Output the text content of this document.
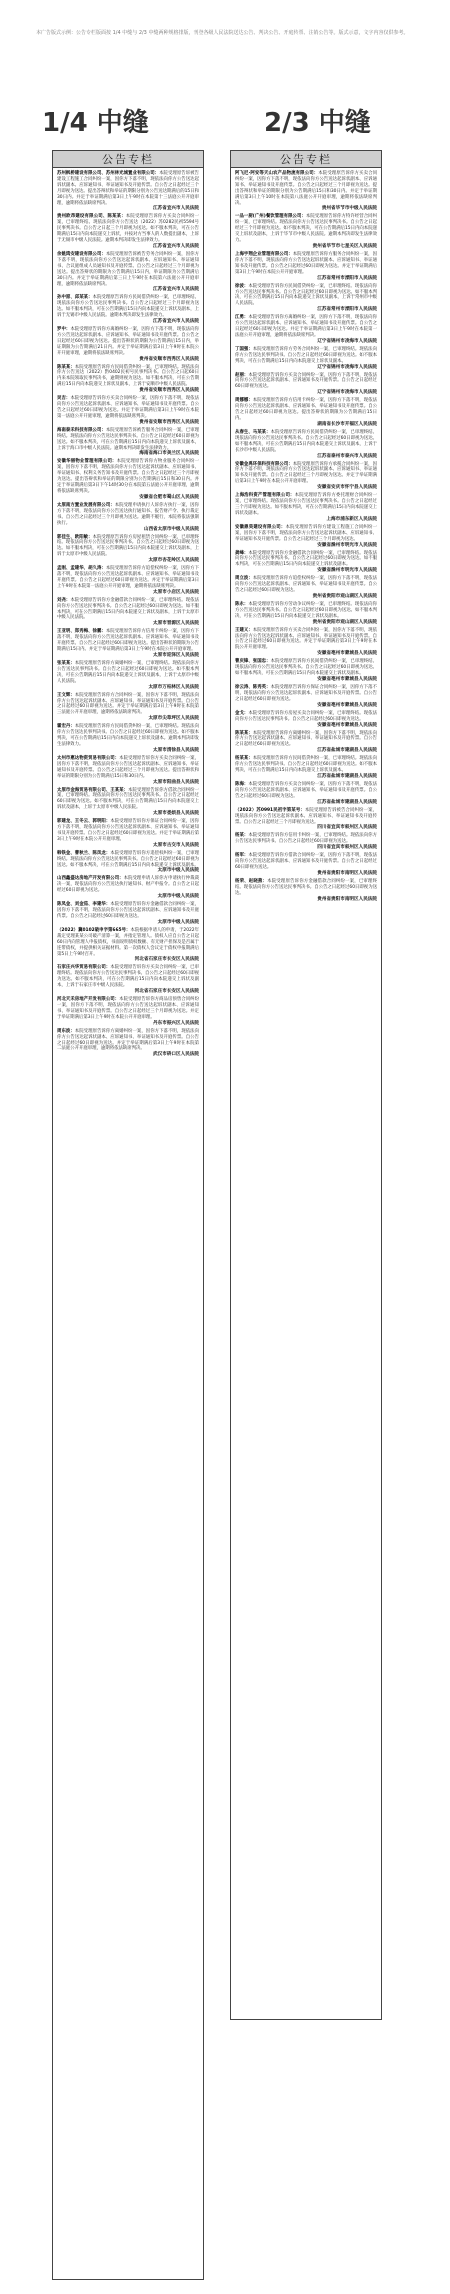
本广告版式示例：公告专栏版面按 1/4 中缝与 2/3 中缝两种规格排版，刊登各级人民法院送达公告、判决公告、开庭传票、注销公告等。版式示意，文字内容仅供参考。
1/4 中缝	2/3 中缝
公告专栏
苏州枫桥建设有限公司、苏州林光城置业有限公司：本院受理原告诉被告建设工程施工合同纠纷一案，因你方下落不明，现依法向你方公告送达起诉状副本、应诉通知书、举证通知书及开庭传票。自公告之日起经过三个月即视为送达。提出答辩状和举证的期限分别为公告送达期满后的15日和30日内。并定于举证期满后第3日上午9时在本院第十三法庭公开开庭审理，逾期将依法缺席判决。
江苏省宜兴市人民法院
贵州欧昂建设有限公司、陈某某：本院受理原告诉你方买卖合同纠纷一案，已审理终结。现依法向你方公告送达（2022）苏0282民初5594号民事判决书。自公告之日起三个月即视为送达。如不服本判决，可在公告期满后15日内向本院递交上诉状，并按对方当事人的人数提出副本，上诉于无锡市中级人民法院。逾期本判决即发生法律效力。
江苏省宜兴市人民法院
余姚鸿安建设有限公司：本院受理原告诉被告劳务合同纠纷一案，因你方下落不明，现依法向你方公告送达起诉状副本、应诉通知书、举证通知书、合议庭组成人员通知书及开庭传票。自公告之日起经过三个月即视为送达。提出答辩状的期限为公告期满后15日内，举证期限为公告期满后30日内。并定于举证期满后第三日上午9时在本院第六法庭公开开庭审理，逾期将依法缺席判决。
江苏省宜兴市人民法院
孙中原、邱某某：本院受理原告诉你方民间借贷纠纷一案，已审理终结。现依法向你方公告送达民事判决书。自公告之日起经过三个月即视为送达。如不服本判决，可在公告期满后15日内向本院递交上诉状及副本，上诉于无锡市中级人民法院。逾期本判决即发生法律效力。
江苏省宜兴市人民法院
罗中：本院受理原告诉你方离婚纠纷一案，因你方下落不明，现依法向你方公告送达起诉状副本、应诉通知书、举证通知书及开庭传票。自公告之日起经过60日即视为送达。提出答辩状的期限为公告期满后15日内，举证期限为公告期满后21日内。并定于举证期满后第3日上午9时在本院公开开庭审理，逾期将依法缺席判决。
贵州省安顺市西秀区人民法院
陈某某：本院受理原告诉你方民间借贷纠纷一案，已审理终结。现依法向你方公告送达（2022）黔0402民初号民事判决书。自公告之日起60日内来本院领取民事判决书，逾期则视为送达。如不服本判决，可在公告期满后15日内向本院递交上诉状及副本，上诉于安顺市中级人民法院。
贵州省安顺市西秀区人民法院
吴吉：本院受理原告诉你方买卖合同纠纷一案，因你方下落不明，现依法向你方公告送达起诉状副本、应诉通知书、举证通知书及开庭传票。自公告之日起经过60日即视为送达。并定于举证期满后第3日上午9时在本院第一法庭公开开庭审理，逾期将依法缺席判决。
贵州省安顺市西秀区人民法院
海南泰禾科技有限公司：本院受理原告诉被告服务合同纠纷一案，已审理终结。现依法向你方公告送达民事判决书。自公告之日起经过60日即视为送达。如不服本判决，可在公告期满后15日内向本院递交上诉状及副本，上诉于海口市中级人民法院。逾期本判决即发生法律效力。
海南省海口市美兰区人民法院
安徽华丽物业管理有限公司：本院受理原告诉你方物业服务合同纠纷一案，因你方下落不明，现依法向你方公告送达起诉状副本、应诉通知书、举证通知书、权利义务告知书及开庭传票。自公告之日起经过三个月即视为送达。提出答辩状和举证的期限分别为公告期满后15日和30日内。并定于举证期满后第3日下午14时30分在本院第五法庭公开开庭审理，逾期将依法缺席判决。
安徽省合肥市蜀山区人民法院
太原南方置业发展有限公司：本院受理申请执行人诉你方执行一案，因你方下落不明，现依法向你方公告送达执行通知书、报告财产令、执行裁定书。自公告之日起经过三个月即视为送达。逾期不履行，本院将依法强制执行。
山西省太原市中级人民法院
郭佳生、欧阳敏：本院受理原告诉你方房屋租赁合同纠纷一案，已审理终结。现依法向你方公告送达民事判决书。自公告之日起经过60日即视为送达。如不服本判决，可在公告期满后15日内向本院递交上诉状及副本，上诉于太原市中级人民法院。
太原市杏花岭区人民法院
孟刚、孟建华、胡久涛：本院受理原告诉你方追偿权纠纷一案，因你方下落不明，现依法向你方公告送达起诉状副本、应诉通知书、举证通知书及开庭传票。自公告之日起经过60日即视为送达。并定于举证期满后第3日上午9时在本院第一法庭公开开庭审理，逾期将依法缺席判决。
太原市小店区人民法院
刘尧：本院受理原告诉你方金融借款合同纠纷一案，已审理终结。现依法向你方公告送达民事判决书。自公告之日起经过60日即视为送达。如不服本判决，可在公告期满后15日内向本院递交上诉状及副本，上诉于太原市中级人民法院。
太原市晋源区人民法院
王亚明、郑秀梅、徐鹏：本院受理原告诉你方信用卡纠纷一案，因你方下落不明，现依法向你方公告送达起诉状副本、应诉通知书、举证通知书及开庭传票。自公告之日起经过60日即视为送达。提出答辩状的期限为公告期满后15日内。并定于举证期满后第3日上午9时在本院公开开庭审理。
太原市迎泽区人民法院
张某某：本院受理原告诉你方离婚纠纷一案，已审理终结。现依法向你方公告送达民事判决书。自公告之日起经过60日即视为送达。如不服本判决，可在公告期满后15日内向本院递交上诉状及副本，上诉于太原市中级人民法院。
太原市万柏林区人民法院
王文辉：本院受理原告诉你方合同纠纷一案，因你方下落不明，现依法向你方公告送达起诉状副本、应诉通知书、举证通知书及开庭传票。自公告之日起经过60日即视为送达。并定于举证期满后第3日上午9时在本院第三法庭公开开庭审理，逾期将依法缺席判决。
太原市尖草坪区人民法院
霍宏丹：本院受理原告诉你方民间借贷纠纷一案，已审理终结。现依法向你方公告送达民事判决书。自公告之日起经过60日即视为送达。如不服本判决，可在公告期满后15日内向本院递交上诉状及副本。逾期本判决即发生法律效力。
太原市清徐县人民法院
太州市惠达物资贸易有限公司：本院受理原告诉你方买卖合同纠纷一案，因你方下落不明，现依法向你方公告送达起诉状副本、应诉通知书、举证通知书及开庭传票。自公告之日起经过三个月即视为送达。提出答辩状和举证的期限分别为公告期满后15日和30日内。
太原市阳曲县人民法院
太原市金海贸易有限公司、王某某：本院受理原告诉你方借款合同纠纷一案，已审理终结。现依法向你方公告送达民事判决书。自公告之日起经过60日即视为送达。如不服本判决，可在公告期满后15日内向本院递交上诉状及副本，上诉于太原市中级人民法院。
太原市娄烦县人民法院
郭建龙、王冬云、郭明阳：本院受理原告诉你方保证合同纠纷一案，因你方下落不明，现依法向你方公告送达起诉状副本、应诉通知书、举证通知书及开庭传票。自公告之日起经过60日即视为送达。并定于举证期满后第3日上午9时在本院公开开庭审理。
太原市古交市人民法院
韩铁金、曹秋兰、陈凤龙：本院受理原告诉你方追偿权纠纷一案，已审理终结。现依法向你方公告送达民事判决书。自公告之日起经过60日即视为送达。如不服本判决，可在公告期满后15日内向本院递交上诉状及副本。
太原市中级人民法院
山西鑫盛达房地产开发有限公司：本院受理申请人诉你方申请执行仲裁裁决一案，现依法向你方公告送达执行通知书、财产申报令。自公告之日起经过60日即视为送达。
太原市中级人民法院
陈凤金、刘金茹、李建华：本院受理原告诉你方金融借款合同纠纷一案，因你方下落不明，现依法向你方公告送达起诉状副本、应诉通知书及开庭传票。自公告之日起经过60日即视为送达。
太原市中级人民法院
（2022）冀0102破申字第665号：本院根据申请人的申请，于2022年裁定受理某某公司破产清算一案，并指定管理人。债权人应自公告之日起60日内向管理人申报债权，书面说明债权数额、有无财产担保及是否属于连带债权，并提供相关证据材料。第一次债权人会议定于债权申报期满后第5日上午9时召开。
河北省石家庄市长安区人民法院
石家庄兴华贸易有限公司：本院受理原告诉你方买卖合同纠纷一案，已审理终结。现依法向你方公告送达民事判决书。自公告之日起经过60日即视为送达。如不服本判决，可在公告期满后15日内向本院递交上诉状及副本，上诉于石家庄市中级人民法院。
河北省石家庄市长安区人民法院
河北天禾房地产开发有限公司：本院受理原告诉你方商品房预售合同纠纷一案，因你方下落不明，现依法向你方公告送达起诉状副本、应诉通知书、举证通知书及开庭传票。自公告之日起经过三个月即视为送达。并定于举证期满后第3日上午9时在本院公开开庭审理。
丹东市振兴区人民法院
周东波：本院受理原告诉你方离婚纠纷一案，因你方下落不明，现依法向你方公告送达起诉状副本、应诉通知书、举证通知书及开庭传票。自公告之日起经过60日即视为送达。并定于举证期满后第3日上午9时在本院第二法庭公开开庭审理，逾期将依法缺席判决。
武汉市硚口区人民法院
公告专栏
阿飞尼·阿安等天山农产品物流有限公司：本院受理原告诉你方买卖合同纠纷一案，因你方下落不明，现依法向你方公告送达起诉状副本、应诉通知书、举证通知书及开庭传票。自公告之日起经过三个月即视为送达。提出答辩状和举证的期限分别为公告期满后15日和30日内。并定于举证期满后第3日上午10时在本院第八法庭公开开庭审理，逾期将依法缺席判决。
贵州省毕节市中级人民法院
一品一厨(广州)餐饮管理有限公司：本院受理原告诉你方特许经营合同纠纷一案，已审理终结。现依法向你方公告送达民事判决书。自公告之日起经过三个月即视为送达。如不服本判决，可在公告期满后15日内向本院递交上诉状及副本，上诉于毕节市中级人民法院。逾期本判决即发生法律效力。
贵州省毕节市七星关区人民法院
上海宇翔企业管理有限公司：本院受理原告诉你方服务合同纠纷一案，因你方下落不明，现依法向你方公告送达起诉状副本、应诉通知书、举证通知书及开庭传票。自公告之日起经过60日即视为送达。并定于举证期满后第3日上午9时在本院公开开庭审理。
江苏省常州市溧阳市人民法院
徐波：本院受理原告诉你方民间借贷纠纷一案，已审理终结。现依法向你方公告送达民事判决书。自公告之日起经过60日即视为送达。如不服本判决，可在公告期满后15日内向本院递交上诉状及副本，上诉于常州市中级人民法院。
江苏省常州市溧阳市人民法院
江勇：本院受理原告诉你方离婚纠纷一案，因你方下落不明，现依法向你方公告送达起诉状副本、应诉通知书、举证通知书及开庭传票。自公告之日起经过60日即视为送达。并定于举证期满后第3日上午9时在本院第一法庭公开开庭审理，逾期将依法缺席判决。
辽宁省锦州市凌海市人民法院
丁国强：本院受理原告诉你方劳务合同纠纷一案，已审理终结。现依法向你方公告送达民事判决书。自公告之日起经过60日即视为送达。如不服本判决，可在公告期满后15日内向本院递交上诉状及副本。
辽宁省锦州市凌海市人民法院
赵丽：本院受理原告诉你方买卖合同纠纷一案，因你方下落不明，现依法向你方公告送达起诉状副本、应诉通知书及开庭传票。自公告之日起经过60日即视为送达。
辽宁省锦州市凌海市人民法院
周娜娜：本院受理原告诉你方信用卡纠纷一案，因你方下落不明，现依法向你方公告送达起诉状副本、应诉通知书、举证通知书及开庭传票。自公告之日起经过60日即视为送达。提出答辩状的期限为公告期满后15日内。
湖南省长沙市开福区人民法院
从春生、马某某：本院受理原告诉你方民间借贷纠纷一案，已审理终结。现依法向你方公告送达民事判决书。自公告之日起经过60日即视为送达。如不服本判决，可在公告期满后15日内向本院递交上诉状及副本，上诉于长沙市中级人民法院。
江苏省泰州市泰兴市人民法院
安徽金禹环保科技有限公司：本院受理原告诉你方承揽合同纠纷一案，因你方下落不明，现依法向你方公告送达起诉状副本、应诉通知书、举证通知书及开庭传票。自公告之日起经过三个月即视为送达。并定于举证期满后第3日上午9时在本院公开开庭审理。
安徽省安庆市怀宁县人民法院
上海浩科资产管理有限公司：本院受理原告诉你方委托理财合同纠纷一案，已审理终结。现依法向你方公告送达民事判决书。自公告之日起经过三个月即视为送达。如不服本判决，可在公告期满后15日内向本院递交上诉状及副本。
上海市浦东新区人民法院
安徽鼎昊建设有限公司：本院受理原告诉你方建设工程施工合同纠纷一案，因你方下落不明，现依法向你方公告送达起诉状副本、应诉通知书、举证通知书及开庭传票。自公告之日起经过三个月即视为送达。
安徽省滁州市明光市人民法院
龚峰：本院受理原告诉你方金融借款合同纠纷一案，已审理终结。现依法向你方公告送达民事判决书。自公告之日起经过60日即视为送达。如不服本判决，可在公告期满后15日内向本院递交上诉状及副本。
安徽省滁州市明光市人民法院
周立波：本院受理原告诉你方追偿权纠纷一案，因你方下落不明，现依法向你方公告送达起诉状副本、应诉通知书、举证通知书及开庭传票。自公告之日起经过60日即视为送达。
贵州省贵阳市观山湖区人民法院
陈永：本院受理原告诉你方劳动争议纠纷一案，已审理终结。现依法向你方公告送达民事判决书。自公告之日起经过60日即视为送达。如不服本判决，可在公告期满后15日内向本院递交上诉状及副本。
贵州省贵阳市观山湖区人民法院
王建义：本院受理原告诉你方买卖合同纠纷一案，因你方下落不明，现依法向你方公告送达起诉状副本、应诉通知书、举证通知书及开庭传票。自公告之日起经过60日即视为送达。并定于举证期满后第3日上午9时在本院公开开庭审理。
安徽省亳州市蒙城县人民法院
曹庆锋、张国忠：本院受理原告诉你方民间借贷纠纷一案，已审理终结。现依法向你方公告送达民事判决书。自公告之日起经过60日即视为送达。如不服本判决，可在公告期满后15日内向本院递交上诉状及副本。
安徽省亳州市蒙城县人民法院
徐云涛、陈秀英：本院受理原告诉你方保证合同纠纷一案，因你方下落不明，现依法向你方公告送达起诉状副本、应诉通知书及开庭传票。自公告之日起经过60日即视为送达。
安徽省亳州市蒙城县人民法院
金戈：本院受理原告诉你方房屋买卖合同纠纷一案，已审理终结。现依法向你方公告送达民事判决书。自公告之日起经过60日即视为送达。
安徽省亳州市蒙城县人民法院
陈某某：本院受理原告诉你方离婚纠纷一案，因你方下落不明，现依法向你方公告送达起诉状副本、应诉通知书、举证通知书及开庭传票。自公告之日起经过60日即视为送达。
江苏省盐城市建湖县人民法院
杨某某：本院受理原告诉你方民间借贷纠纷一案，已审理终结。现依法向你方公告送达民事判决书。自公告之日起经过60日即视为送达。如不服本判决，可在公告期满后15日内向本院递交上诉状及副本。
江苏省盐城市建湖县人民法院
陈海：本院受理原告诉你方买卖合同纠纷一案，因你方下落不明，现依法向你方公告送达起诉状副本、应诉通知书、举证通知书及开庭传票。自公告之日起经过60日即视为送达。
江苏省盐城市建湖县人民法院
（2022）苏0991民初字第某号：本院受理原告诉被告合同纠纷一案，现依法向你方公告送达起诉状副本、应诉通知书、举证通知书及开庭传票。自公告之日起经过三个月即视为送达。
四川省宜宾市叙州区人民法院
杨某：本院受理原告诉你方信用卡纠纷一案，已审理终结。现依法向你方公告送达民事判决书。自公告之日起经过60日即视为送达。
四川省宜宾市叙州区人民法院
杨军：本院受理原告诉你方借款合同纠纷一案，因你方下落不明，现依法向你方公告送达起诉状副本、应诉通知书及开庭传票。自公告之日起经过60日即视为送达。
贵州省贵阳市南明区人民法院
杨荣、赵晓燕：本院受理原告诉你方金融借款合同纠纷一案，已审理终结。现依法向你方公告送达民事判决书。自公告之日起经过60日即视为送达。
贵州省贵阳市南明区人民法院
